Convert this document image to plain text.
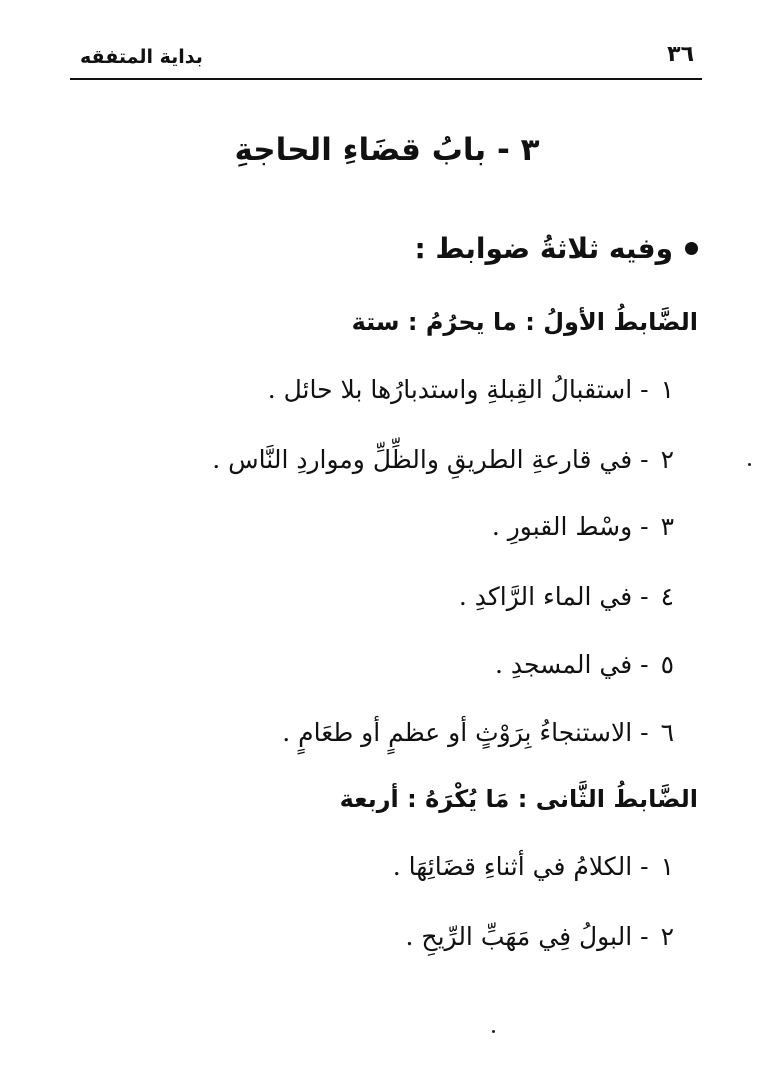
بداية المتفقه	٣٦
٣ - بابُ قضَاءِ الحاجةِ
وفيه ثلاثةُ ضوابط :
الضَّابطُ الأولُ : ما يحرُمُ : ستة
١- استقبالُ القِبلةِ واستدبارُها بلا حائل .
٢- في قارعةِ الطريقِ والظِّلِّ ومواردِ النَّاس .
٣- وسْط القبورِ .
٤- في الماء الرَّاكدِ .
٥- في المسجدِ .
٦- الاستنجاءُ بِرَوْثٍ أو عظمٍ أو طعَامٍ .
الضَّابطُ الثَّانى : مَا يُكْرَهُ : أربعة
١- الكلامُ في أثناءِ قضَائِهَا .
٢- البولُ فِي مَهَبِّ الرِّيحِ .
